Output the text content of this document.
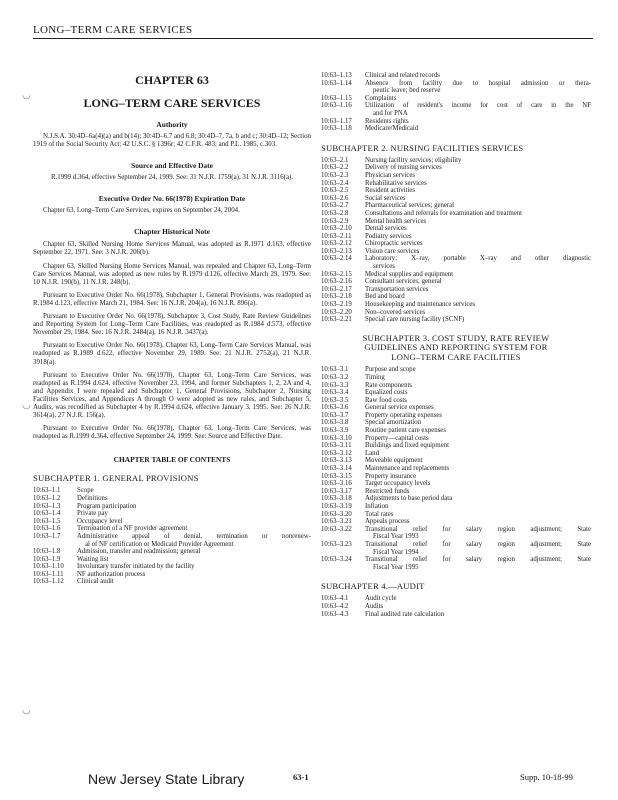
LONG–TERM CARE SERVICES
◡
◡
◡
CHAPTER 63
LONG–TERM CARE SERVICES
Authority

N.J.S.A. 30:4D–6a(4)(a) and b(14); 30:4D–6.7 and 6.8; 30:4D–7, 7a, b and c; 30:4D–12; Section 1919 of the Social Security Act; 42 U.S.C. § 1396r; 42 C.F.R. 483; and P.L. 1985, c.303.

Source and Effective Date

R.1999 d.364, effective September 24, 1999. See: 31 N.J.R. 1759(a), 31 N.J.R. 3116(a).

Executive Order No. 66(1978) Expiration Date

Chapter 63, Long–Term Care Services, expires on September 24, 2004.

Chapter Historical Note

Chapter 63, Skilled Nursing Home Services Manual, was adopted as R.1971 d.163, effective September 22, 1971. See: 3 N.J.R. 206(b).

Chapter 63, Skilled Nursing Home Services Manual, was repealed and Chapter 63, Long–Term Care Services Manual, was adopted as new rules by R.1979 d.126, effective March 29, 1979. See: 10 N.J.R. 190(b), 11 N.J.R. 248(b).

Pursuant to Executive Order No. 66(1978), Subchapter 1, General Provisions, was readopted as R.1984 d.123, effective March 21, 1984. See: 16 N.J.R. 204(a), 16 N.J.R. 896(a).

Pursuant to Executive Order No. 66(1978), Subchapter 3, Cost Study, Rate Review Guidelines and Reporting System for Long–Term Care Facilities, was readopted as R.1984 d.573, effective November 29, 1984. See: 16 N.J.R. 2484(a), 16 N.J.R. 3437(a).

Pursuant to Executive Order No. 66(1978), Chapter 63, Long–Term Care Services Manual, was readopted as R.1989 d.622, effective November 29, 1989. See: 21 N.J.R. 2752(a), 21 N.J.R. 3918(a).

Pursuant to Executive Order No. 66(1978), Chapter 63, Long–Term Care Services, was readopted as R.1994 d.624, effective November 23, 1994, and former Subchapters 1, 2, 2A and 4, and Appendix I were repealed and Subchapter 1, General Provisions, Subchapter 2, Nursing Facilities Services, and Appendices A through O were adopted as new rules, and Subchapter 5, Audits, was recodified as Subchapter 4 by R.1994 d.624, effective January 3, 1995. See: 26 N.J.R. 3614(a), 27 N.J.R. 156(a).

Pursuant to Executive Order No. 66(1978), Chapter 63, Long–Term Care Services, was readopted as R.1999 d.364, effective September 24, 1999. See: Source and Effective Date.

CHAPTER TABLE OF CONTENTS
SUBCHAPTER 1. GENERAL PROVISIONS
10:63–1.1	Scope
10:63–1.2	Definitions
10:63–1.3	Program participation
10:63–1.4	Private pay
10:63–1.5	Occupancy level
10:63–1.6	Termination of a NF provider agreement
10:63–1.7	Administrative appeal of denial, termination or nonrenew-
al of NF certification or Medicaid Provider Agreement
10:63–1.8	Admission, transfer and readmission; general
10:63–1.9	Waiting list
10:63–1.10	Involuntary transfer initiated by the facility
10:63–1.11	NF authorization process
10:63–1.12	Clinical audit
10:63–1.13	Clinical and related records
10:63–1.14	Absence from facility due to hospital admission or thera-
peutic leave; bed reserve
10:63–1.15	Complaints
10:63–1.16	Utilization of resident's income for cost of care in the NF
and for PNA
10:63–1.17	Residents rights
10:63–1.18	Medicare/Medicaid
SUBCHAPTER 2. NURSING FACILITIES SERVICES
10:63–2.1	Nursing facility services; eligibility
10:63–2.2	Delivery of nursing services
10:63–2.3	Physician services
10:63–2.4	Rehabilitative services
10:63–2.5	Resident activities
10:63–2.6	Social services
10:63–2.7	Pharmaceutical services; general
10:63–2.8	Consultations and referrals for examination and treatment
10:63–2.9	Mental health services
10:63–2.10	Dental services
10:63–2.11	Podiatry services
10:63–2.12	Chiropractic services
10:63–2.13	Vision care services
10:63–2.14	Laboratory; X–ray, portable X–ray and other diagnostic
services
10:63–2.15	Medical supplies and equipment
10:63–2.16	Consultant services; general
10:63–2.17	Transportation services
10:63–2.18	Bed and board
10:63–2.19	Housekeeping and maintenance services
10:63–2.20	Non–covered services
10:63–2.21	Special care nursing facility (SCNF)
SUBCHAPTER 3. COST STUDY, RATE REVIEW
GUIDELINES AND REPORTING SYSTEM FOR
LONG–TERM CARE FACILITIES
10:63–3.1	Purpose and scope
10:63–3.2	Timing
10:63–3.3	Rate components
10:63–3.4	Equalized costs
10:63–3.5	Raw food costs
10:63–3.6	General service expenses
10:63–3.7	Property operating expenses
10:63–3.8	Special amortization
10:63–3.9	Routine patient care expenses
10:63–3.10	Property—capital costs
10:63–3.11	Buildings and fixed equipment
10:63–3.12	Land
10:63–3.13	Moveable equipment
10:63–3.14	Maintenance and replacements
10:63–3.15	Property insurance
10:63–3.16	Target occupancy levels
10:63–3.17	Restricted funds
10:63–3.18	Adjustments to base period data
10:63–3.19	Inflation
10:63–3.20	Total rates
10:63–3.21	Appeals process
10:63–3.22	Transitional relief for salary region adjustment; State
Fiscal Year 1993
10:63–3.23	Transitional relief for salary region adjustment; State
Fiscal Year 1994
10:63–3.24	Transitional relief for salary region adjustment; State
Fiscal Year 1995
SUBCHAPTER 4.—AUDIT
10:63–4.1	Audit cycle
10:63–4.2	Audits
10:63–4.3	Final audited rate calculation
New Jersey State Library	63-1	Supp. 10-18-99
